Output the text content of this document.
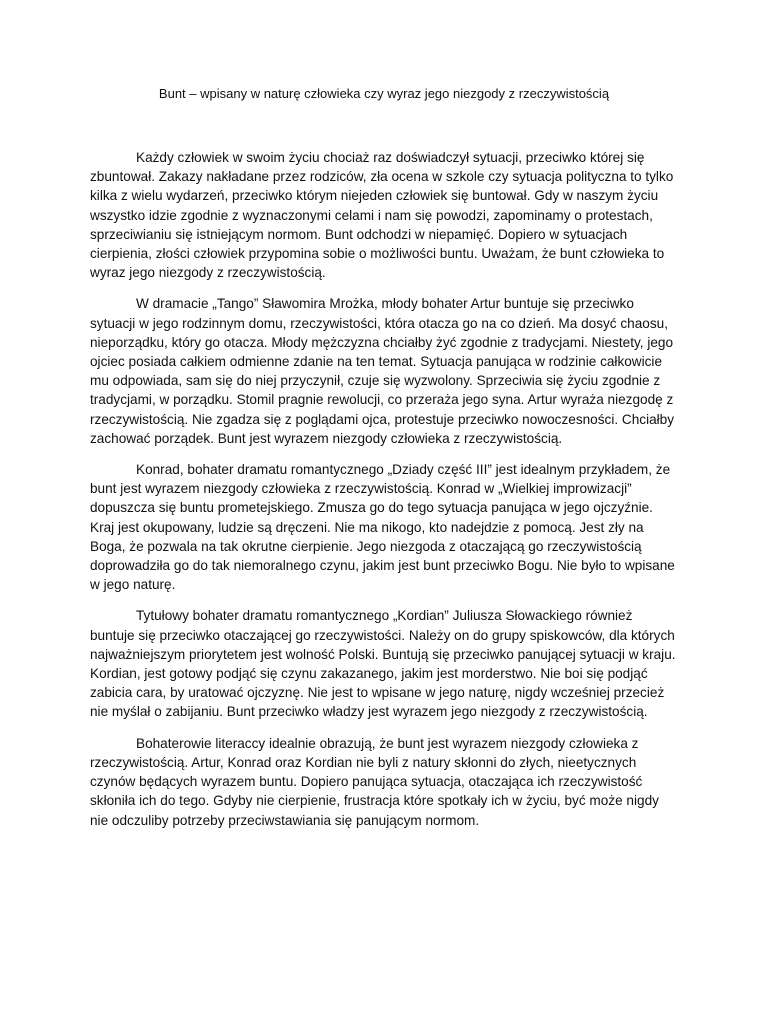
Bunt – wpisany w naturę człowieka czy wyraz jego niezgody z rzeczywistością

Każdy człowiek w swoim życiu chociaż raz doświadczył sytuacji, przeciwko której się zbuntował. Zakazy nakładane przez rodziców, zła ocena w szkole czy sytuacja polityczna to tylko kilka z wielu wydarzeń, przeciwko którym niejeden człowiek się buntował. Gdy w naszym życiu wszystko idzie zgodnie z wyznaczonymi celami i nam się powodzi, zapominamy o protestach, sprzeciwianiu się istniejącym normom. Bunt odchodzi w niepamięć. Dopiero w sytuacjach cierpienia, złości człowiek przypomina sobie o możliwości buntu. Uważam, że bunt człowieka to wyraz jego niezgody z rzeczywistością.

W dramacie „Tango” Sławomira Mrożka, młody bohater Artur buntuje się przeciwko sytuacji w jego rodzinnym domu, rzeczywistości, która otacza go na co dzień. Ma dosyć chaosu, nieporządku, który go otacza. Młody mężczyzna chciałby żyć zgodnie z tradycjami. Niestety, jego ojciec posiada całkiem odmienne zdanie na ten temat. Sytuacja panująca w rodzinie całkowicie mu odpowiada, sam się do niej przyczynił, czuje się wyzwolony. Sprzeciwia się życiu zgodnie z tradycjami, w porządku. Stomil pragnie rewolucji, co przeraża jego syna. Artur wyraża niezgodę z rzeczywistością. Nie zgadza się z poglądami ojca, protestuje przeciwko nowoczesności. Chciałby zachować porządek. Bunt jest wyrazem niezgody człowieka z rzeczywistością.

Konrad, bohater dramatu romantycznego „Dziady część III” jest idealnym przykładem, że bunt jest wyrazem niezgody człowieka z rzeczywistością. Konrad w „Wielkiej improwizacji” dopuszcza się buntu prometejskiego. Zmusza go do tego sytuacja panująca w jego ojczyźnie. Kraj jest okupowany, ludzie są dręczeni. Nie ma nikogo, kto nadejdzie z pomocą. Jest zły na Boga, że pozwala na tak okrutne cierpienie. Jego niezgoda z otaczającą go rzeczywistością doprowadziła go do tak niemoralnego czynu, jakim jest bunt przeciwko Bogu. Nie było to wpisane w jego naturę.

Tytułowy bohater dramatu romantycznego „Kordian” Juliusza Słowackiego również buntuje się przeciwko otaczającej go rzeczywistości. Należy on do grupy spiskowców, dla których najważniejszym priorytetem jest wolność Polski. Buntują się przeciwko panującej sytuacji w kraju. Kordian, jest gotowy podjąć się czynu zakazanego, jakim jest morderstwo. Nie boi się podjąć zabicia cara, by uratować ojczyznę. Nie jest to wpisane w jego naturę, nigdy wcześniej przecież nie myślał o zabijaniu. Bunt przeciwko władzy jest wyrazem jego niezgody z rzeczywistością.

Bohaterowie literaccy idealnie obrazują, że bunt jest wyrazem niezgody człowieka z rzeczywistością. Artur, Konrad oraz Kordian nie byli z natury skłonni do złych, nieetycznych czynów będących wyrazem buntu. Dopiero panująca sytuacja, otaczająca ich rzeczywistość skłoniła ich do tego. Gdyby nie cierpienie, frustracja które spotkały ich w życiu, być może nigdy nie odczuliby potrzeby przeciwstawiania się panującym normom.
